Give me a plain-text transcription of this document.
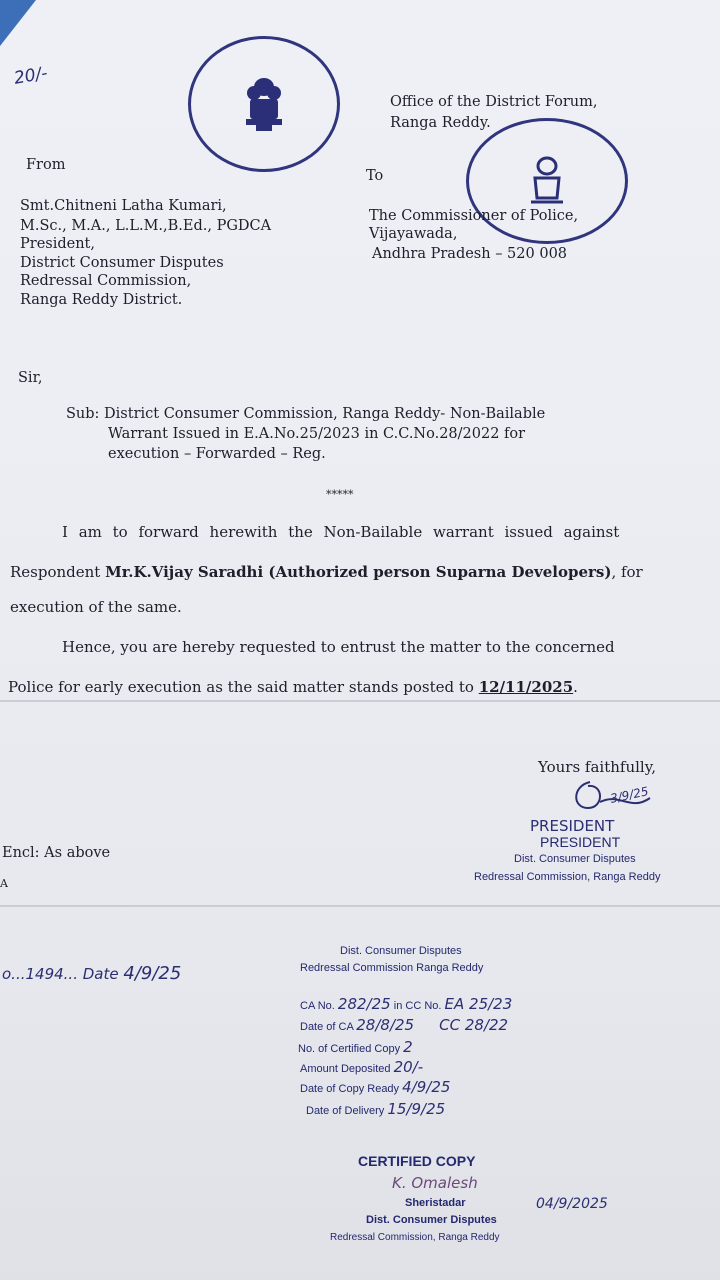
20/-
Office of the District Forum,
Ranga Reddy.
From
To
Smt.Chitneni Latha Kumari,
M.Sc., M.A., L.L.M.,B.Ed., PGDCA
President,
District Consumer Disputes
Redressal Commission,
Ranga Reddy District.
The Commissioner of Police,
Vijayawada,
Andhra Pradesh – 520 008
Sir,
Sub: District Consumer Commission, Ranga Reddy- Non-Bailable
Warrant Issued in E.A.No.25/2023 in C.C.No.28/2022 for
execution – Forwarded – Reg.
*****
I am to forward herewith the Non-Bailable warrant issued against
Respondent Mr.K.Vijay Saradhi (Authorized person Suparna Developers), for
execution of the same.
Hence, you are hereby requested to entrust the matter to the concerned
Police for early execution as the said matter stands posted to 12/11/2025.
Yours faithfully,
3/9/25
PRESIDENT
PRESIDENT
Dist. Consumer Disputes
Redressal Commission, Ranga Reddy
Encl: As above
A
o...1494... Date 4/9/25
Dist. Consumer Disputes
Redressal Commission Ranga Reddy
CA No. 282/25 in CC No. EA 25/23
Date of CA 28/8/25 CC 28/22
No. of Certified Copy 2
Amount Deposited 20/-
Date of Copy Ready 4/9/25
Date of Delivery 15/9/25
CERTIFIED COPY
K. Omalesh
04/9/2025
Sheristadar
Dist. Consumer Disputes
Redressal Commission, Ranga Reddy
